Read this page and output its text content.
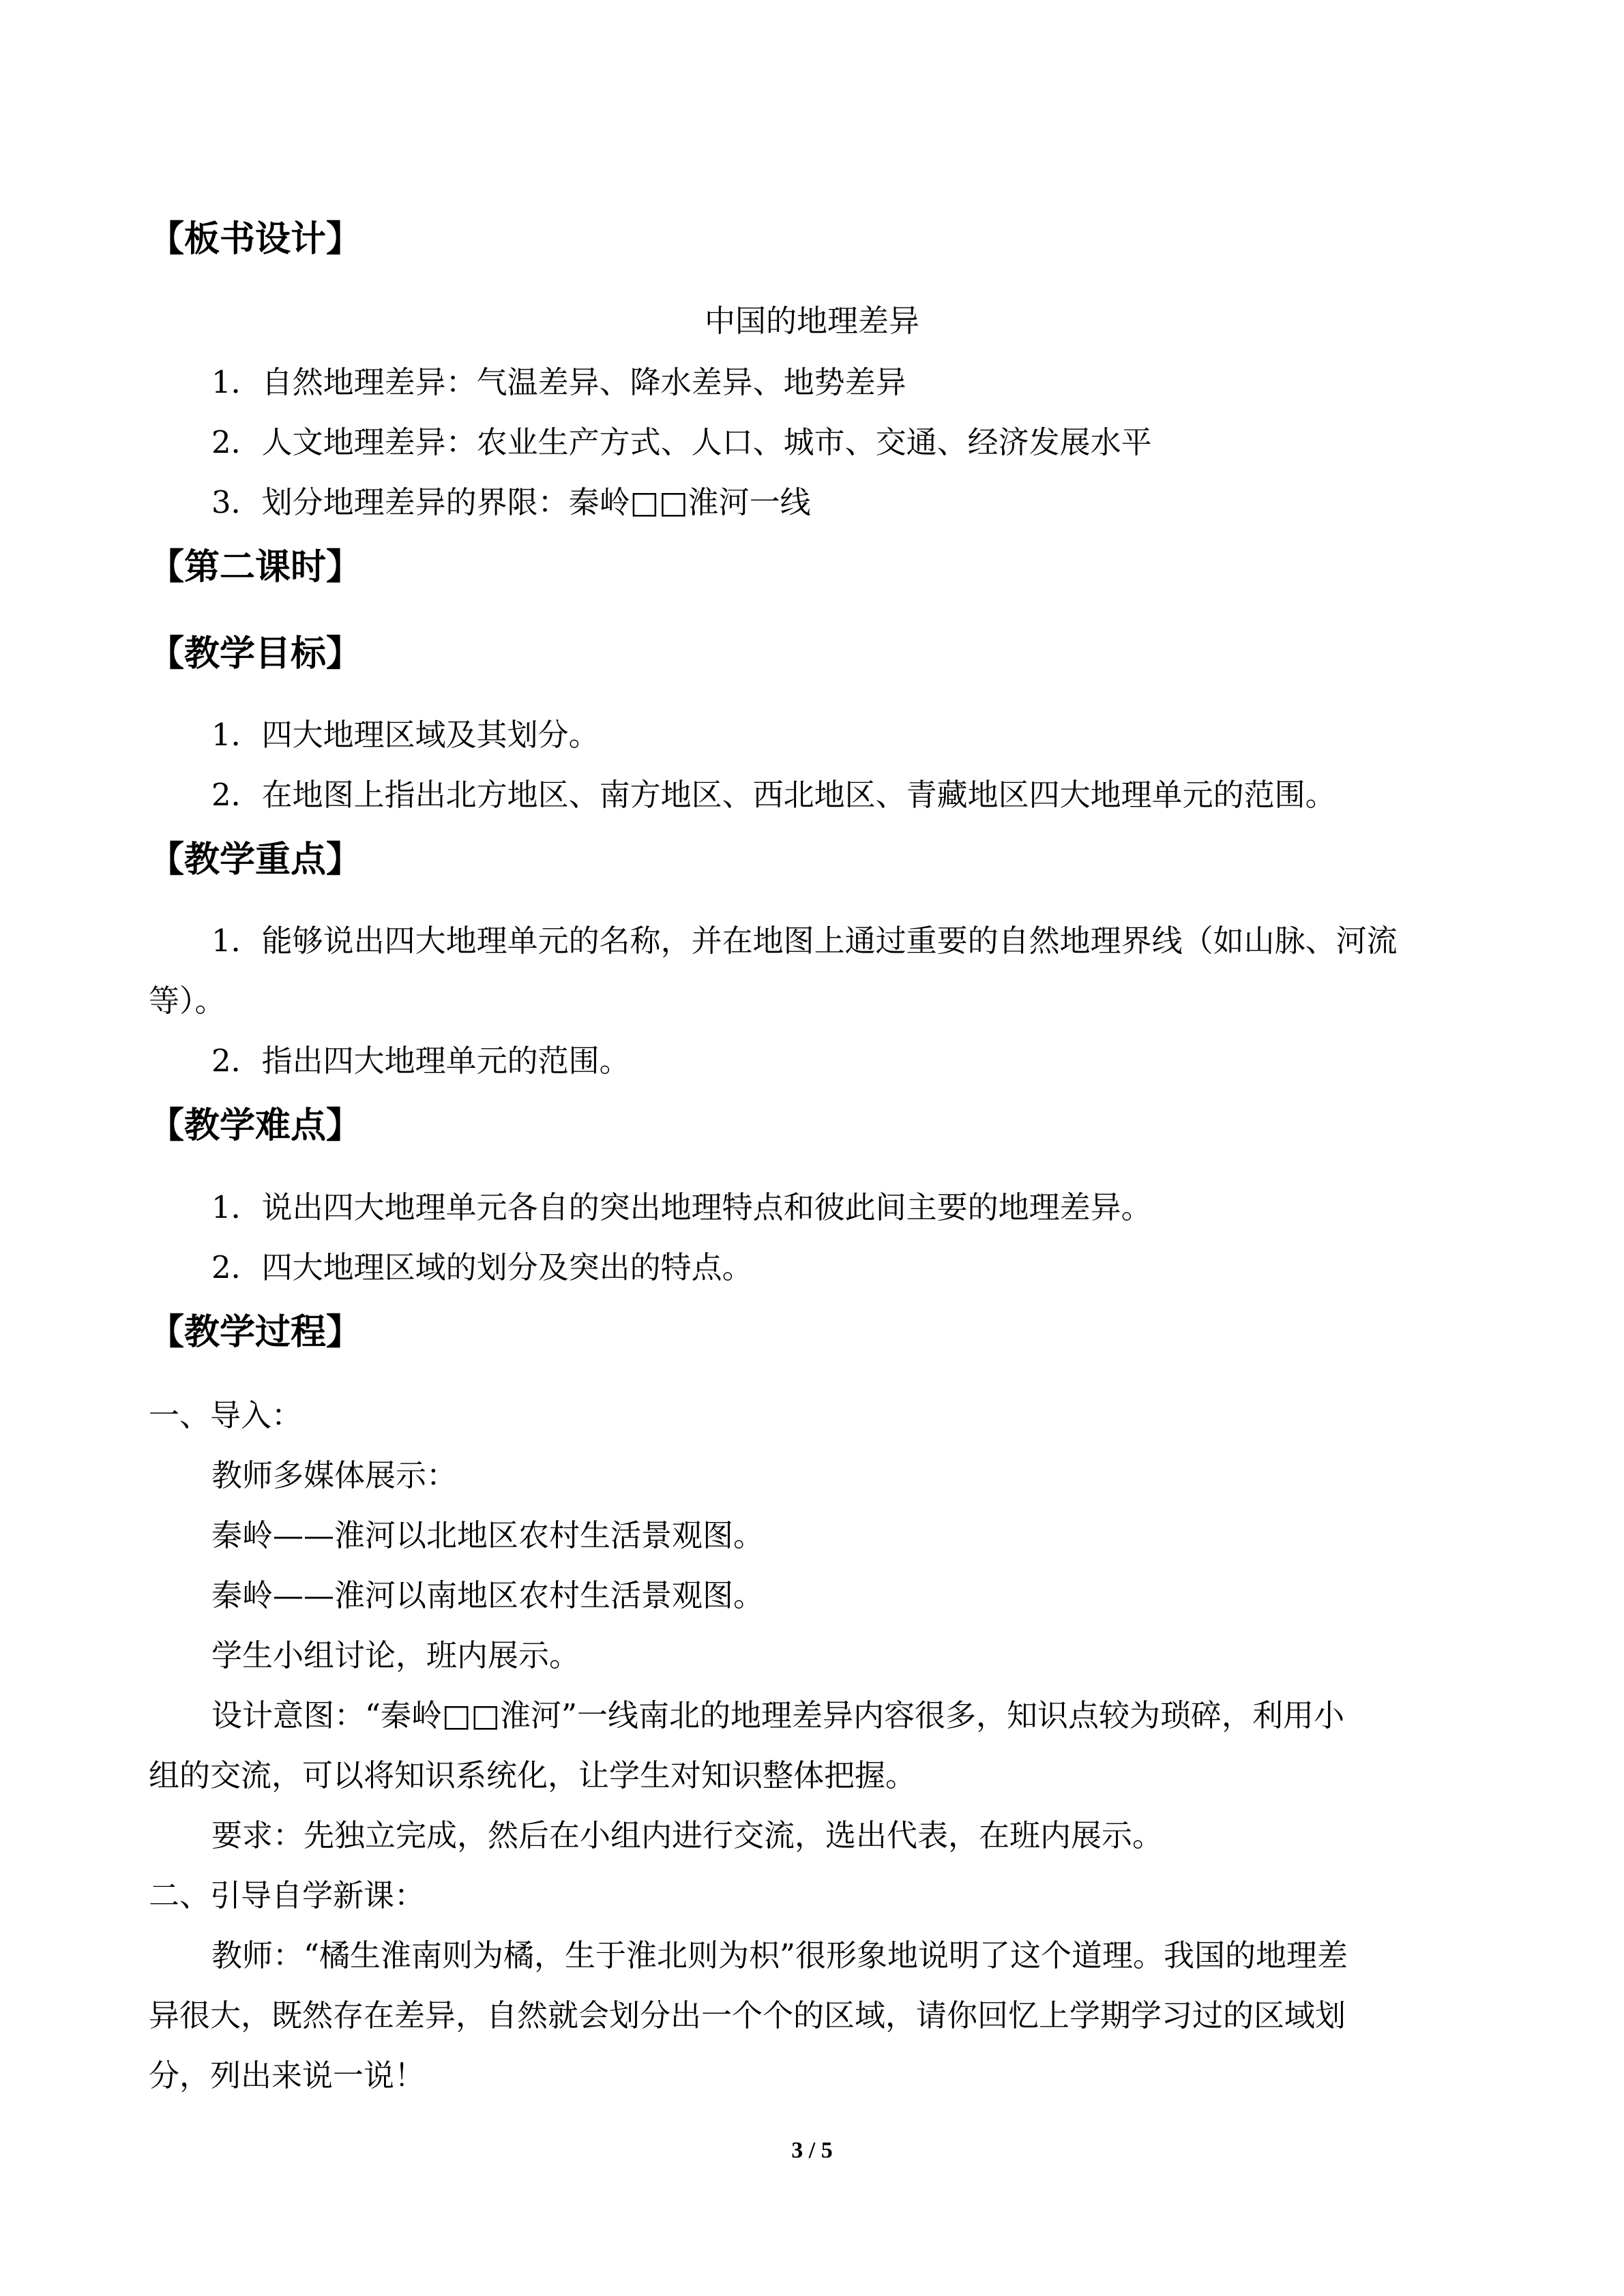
【板书设计】
中国的地理差异
1．自然地理差异：气温差异、降水差异、地势差异
2．人文地理差异：农业生产方式、人口、城市、交通、经济发展水平
3．划分地理差异的界限：秦岭□□淮河一线
【第二课时】
【教学目标】
1．四大地理区域及其划分。
2．在地图上指出北方地区、南方地区、西北地区、青藏地区四大地理单元的范围。
【教学重点】
1．能够说出四大地理单元的名称，并在地图上通过重要的自然地理界线（如山脉、河流
等）。
2．指出四大地理单元的范围。
【教学难点】
1．说出四大地理单元各自的突出地理特点和彼此间主要的地理差异。
2．四大地理区域的划分及突出的特点。
【教学过程】
一、导入：
教师多媒体展示：
秦岭——淮河以北地区农村生活景观图。
秦岭——淮河以南地区农村生活景观图。
学生小组讨论，班内展示。
设计意图：“秦岭□□淮河”一线南北的地理差异内容很多，知识点较为琐碎，利用小
组的交流，可以将知识系统化，让学生对知识整体把握。
要求：先独立完成，然后在小组内进行交流，选出代表，在班内展示。
二、引导自学新课：
教师：“橘生淮南则为橘，生于淮北则为枳”很形象地说明了这个道理。我国的地理差
异很大，既然存在差异，自然就会划分出一个个的区域，请你回忆上学期学习过的区域划
分，列出来说一说！
3 / 5
